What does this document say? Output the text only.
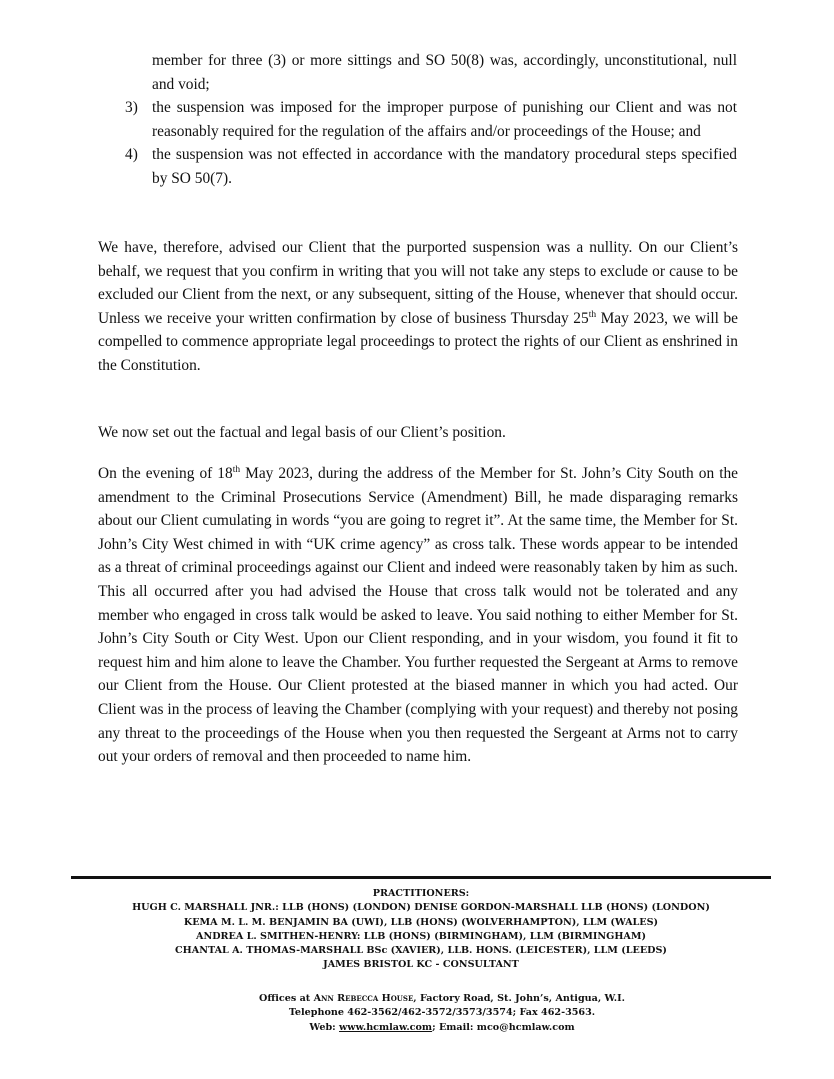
member for three (3) or more sittings and SO 50(8) was, accordingly, unconstitutional, null and void;

3) the suspension was imposed for the improper purpose of punishing our Client and was not reasonably required for the regulation of the affairs and/or proceedings of the House; and

4) the suspension was not effected in accordance with the mandatory procedural steps specified by SO 50(7).

We have, therefore, advised our Client that the purported suspension was a nullity. On our Client’s behalf, we request that you confirm in writing that you will not take any steps to exclude or cause to be excluded our Client from the next, or any subsequent, sitting of the House, whenever that should occur. Unless we receive your written confirmation by close of business Thursday 25th May 2023, we will be compelled to commence appropriate legal proceedings to protect the rights of our Client as enshrined in the Constitution.

We now set out the factual and legal basis of our Client’s position.

On the evening of 18th May 2023, during the address of the Member for St. John’s City South on the amendment to the Criminal Prosecutions Service (Amendment) Bill, he made disparaging remarks about our Client cumulating in words “you are going to regret it”. At the same time, the Member for St. John’s City West chimed in with “UK crime agency” as cross talk. These words appear to be intended as a threat of criminal proceedings against our Client and indeed were reasonably taken by him as such. This all occurred after you had advised the House that cross talk would not be tolerated and any member who engaged in cross talk would be asked to leave. You said nothing to either Member for St. John’s City South or City West. Upon our Client responding, and in your wisdom, you found it fit to request him and him alone to leave the Chamber. You further requested the Sergeant at Arms to remove our Client from the House. Our Client protested at the biased manner in which you had acted. Our Client was in the process of leaving the Chamber (complying with your request) and thereby not posing any threat to the proceedings of the House when you then requested the Sergeant at Arms not to carry out your orders of removal and then proceeded to name him.

PRACTITIONERS:
HUGH C. MARSHALL JNR.: LLB (HONS) (LONDON) DENISE GORDON-MARSHALL LLB (HONS) (LONDON)
KEMA M. L. M. BENJAMIN BA (UWI), LLB (HONS) (WOLVERHAMPTON), LLM (WALES)
ANDREA L. SMITHEN-HENRY: LLB (HONS) (BIRMINGHAM), LLM (BIRMINGHAM)
CHANTAL A. THOMAS-MARSHALL BSc (XAVIER), LLB. HONS. (LEICESTER), LLM (LEEDS)
JAMES BRISTOL KC - CONSULTANT
Offices at Ann Rebecca House, Factory Road, St. John’s, Antigua, W.I.
Telephone 462-3562/462-3572/3573/3574; Fax 462-3563.
Web: www.hcmlaw.com; Email: mco@hcmlaw.com
